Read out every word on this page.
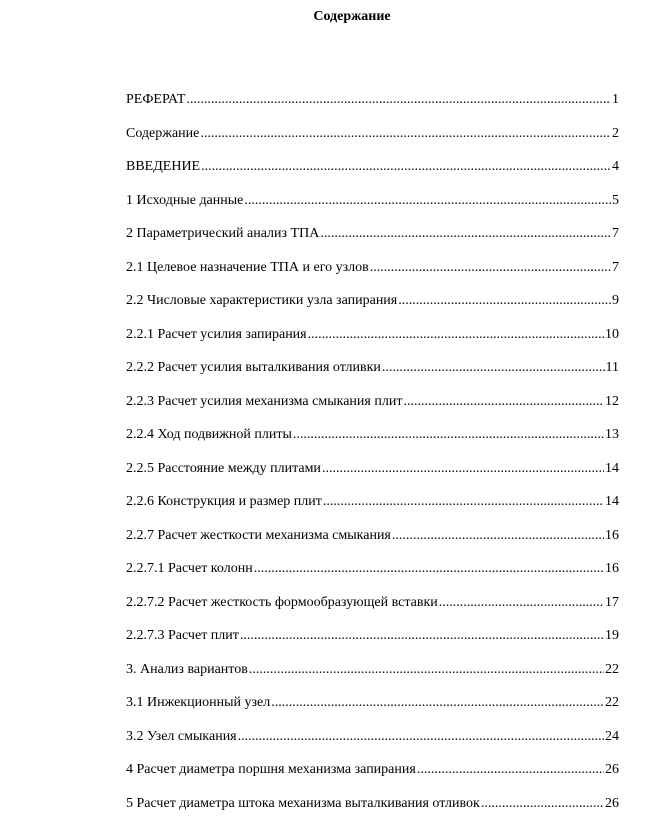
Содержание
РЕФЕРАТ .....	1
Содержание .....	2
ВВЕДЕНИЕ .....	4
1 Исходные данные .....	5
2 Параметрический анализ ТПА .....	7
2.1 Целевое назначение ТПА и его узлов .....	7
2.2 Числовые характеристики узла запирания .....	9
2.2.1 Расчет усилия запирания .....	10
2.2.2 Расчет усилия выталкивания отливки .....	11
2.2.3 Расчет усилия механизма смыкания плит .....	12
2.2.4 Ход подвижной плиты .....	13
2.2.5 Расстояние между плитами .....	14
2.2.6 Конструкция и размер плит .....	14
2.2.7 Расчет жесткости механизма смыкания .....	16
2.2.7.1 Расчет колонн .....	16
2.2.7.2 Расчет жесткость формообразующей вставки .....	17
2.2.7.3 Расчет плит .....	19
3. Анализ вариантов .....	22
3.1 Инжекционный узел .....	22
3.2 Узел смыкания .....	24
4 Расчет диаметра поршня механизма запирания .....	26
5 Расчет диаметра штока механизма выталкивания отливок .....	26
